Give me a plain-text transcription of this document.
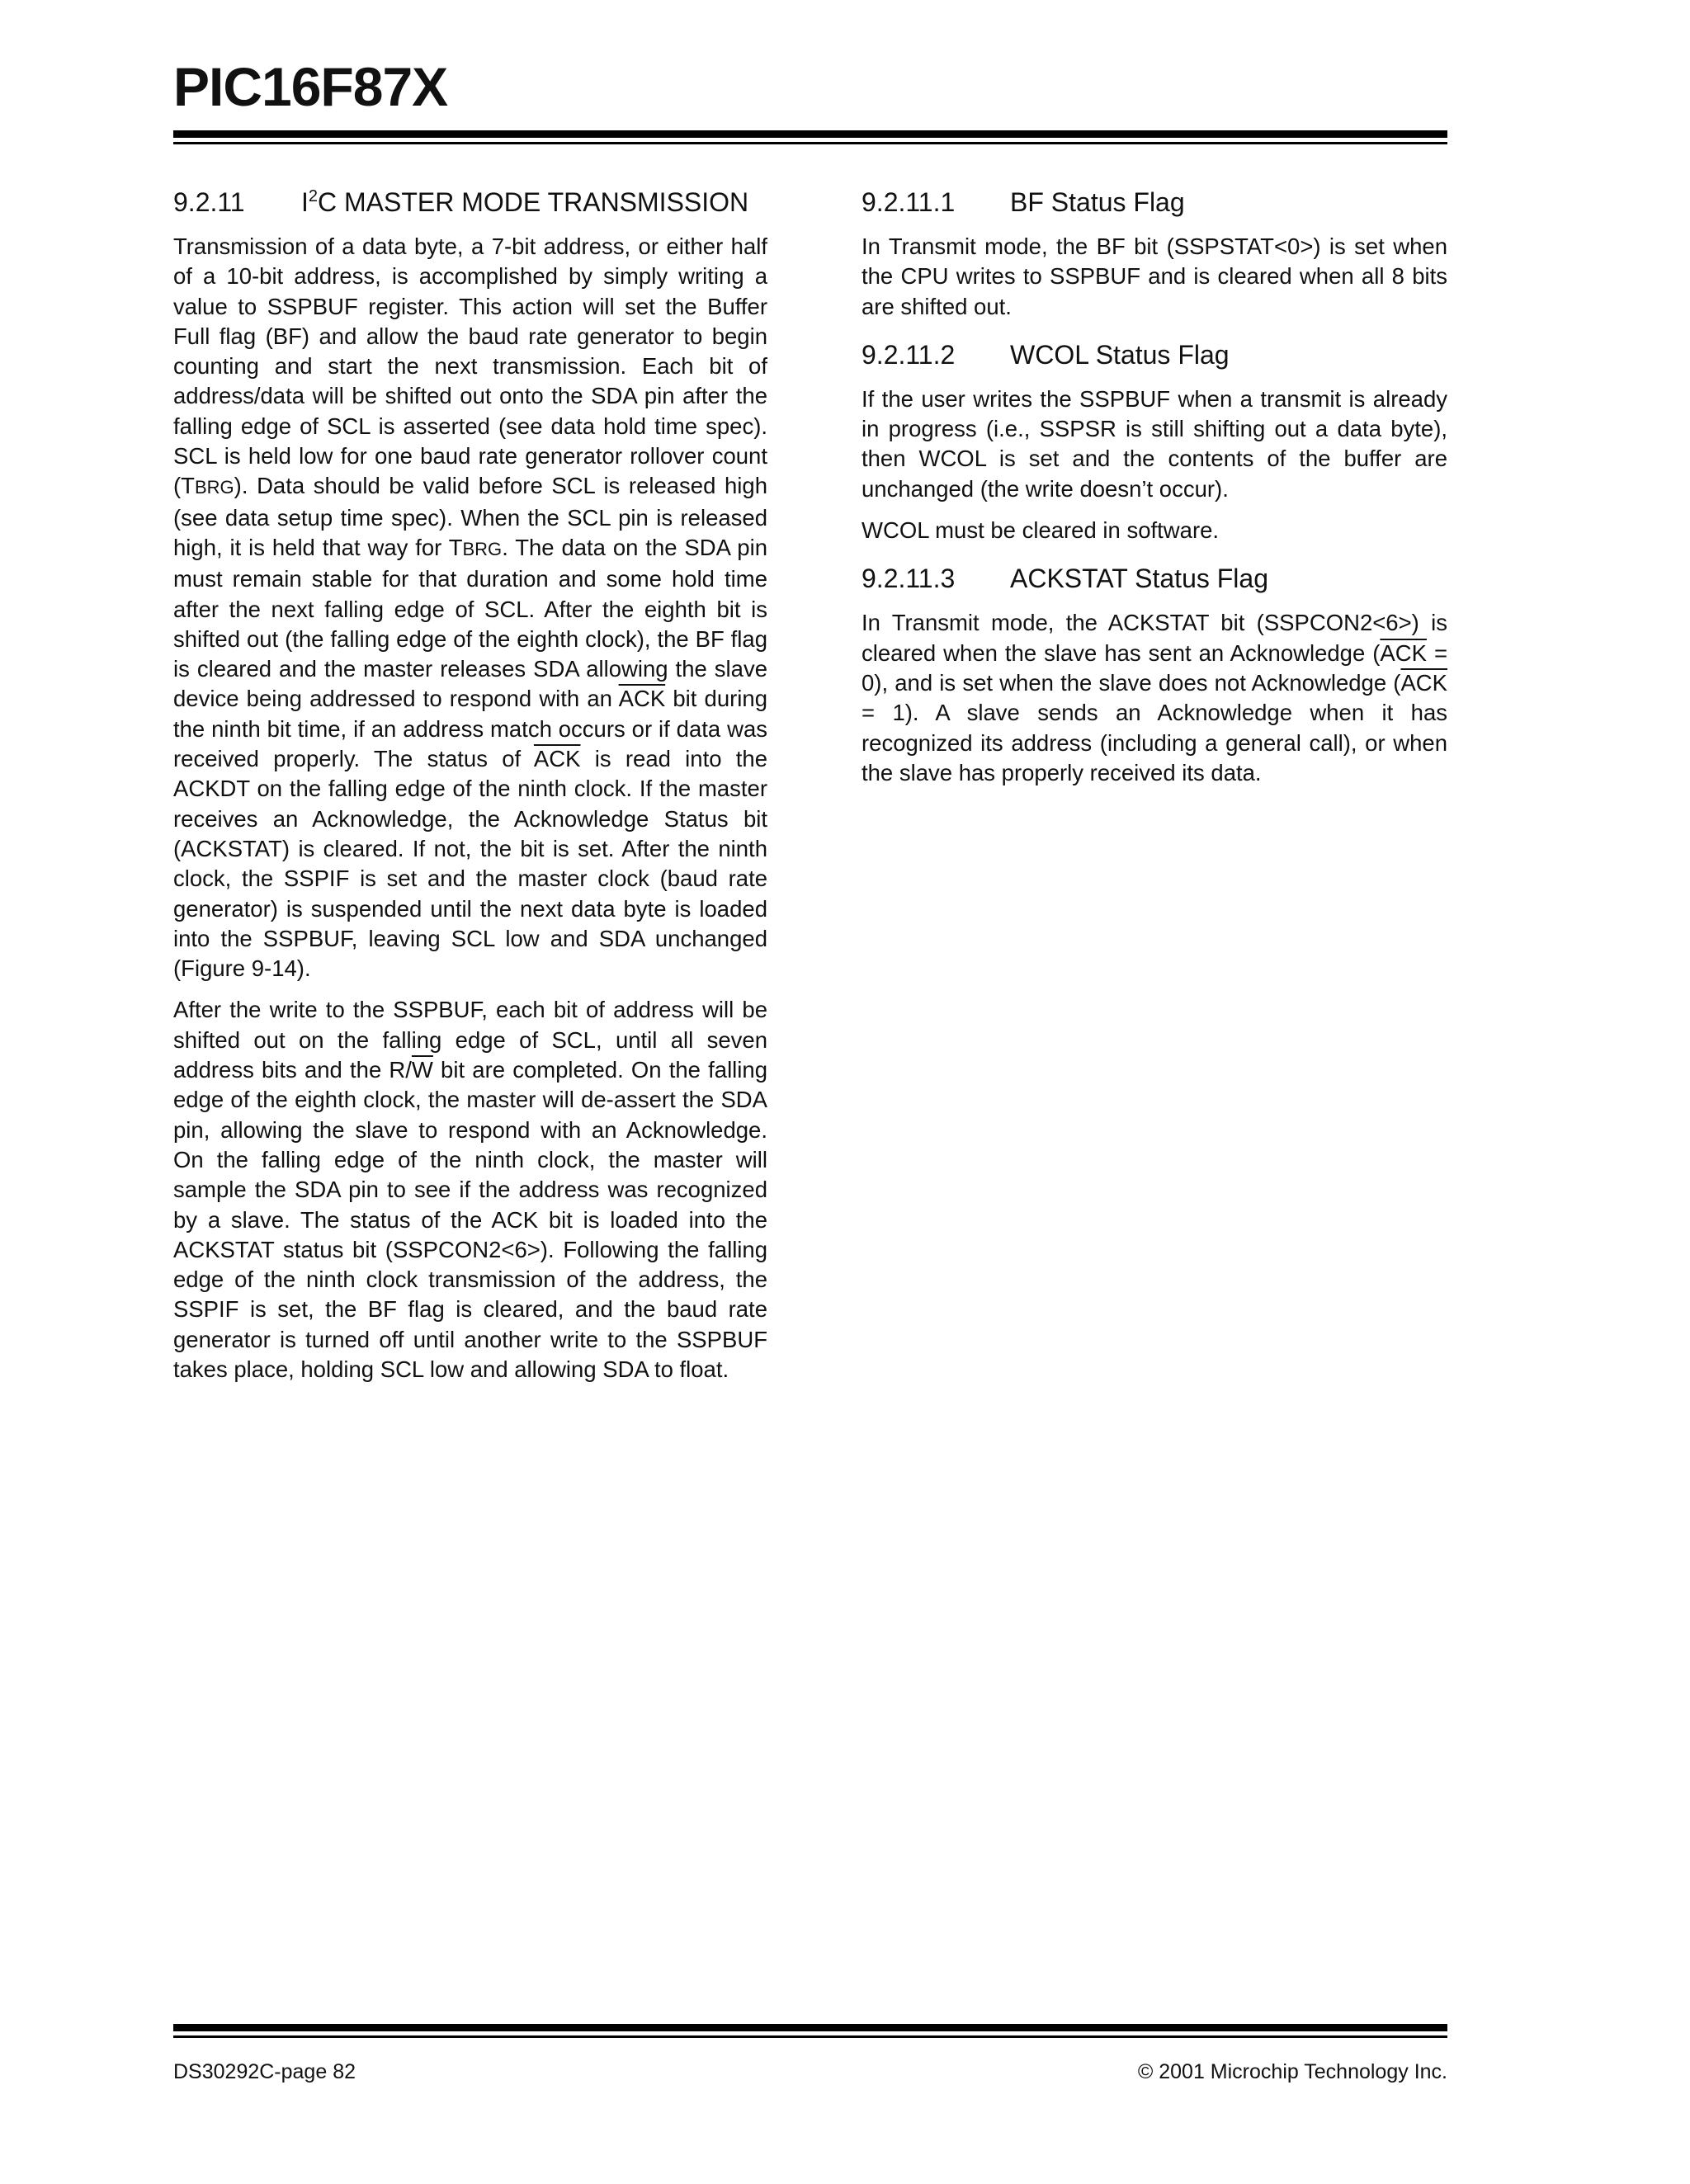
PIC16F87X
9.2.11	$I^2C$ MASTER MODE TRANSMISSION

Transmission of a data byte, a 7-bit address, or either half of a 10-bit address, is accomplished by simply writing a value to SSPBUF register. This action will set the Buffer Full flag (BF) and allow the baud rate generator to begin counting and start the next transmission. Each bit of address/data will be shifted out onto the SDA pin after the falling edge of SCL is asserted (see data hold time spec). SCL is held low for one baud rate generator rollover count (TBRG). Data should be valid before SCL is released high (see data setup time spec). When the SCL pin is released high, it is held that way for TBRG. The data on the SDA pin must remain stable for that duration and some hold time after the next falling edge of SCL. After the eighth bit is shifted out (the falling edge of the eighth clock), the BF flag is cleared and the master releases SDA allowing the slave device being addressed to respond with an $\overline{ACK}$ bit during the ninth bit time, if an address match occurs or if data was received properly. The status of $\overline{ACK}$ is read into the ACKDT on the falling edge of the ninth clock. If the master receives an Acknowledge, the Acknowledge Status bit (ACKSTAT) is cleared. If not, the bit is set. After the ninth clock, the SSPIF is set and the master clock (baud rate generator) is suspended until the next data byte is loaded into the SSPBUF, leaving SCL low and SDA unchanged (Figure 9-14).

After the write to the SSPBUF, each bit of address will be shifted out on the falling edge of SCL, until all seven address bits and the $R/\overline{W}$ bit are completed. On the falling edge of the eighth clock, the master will de-assert the SDA pin, allowing the slave to respond with an Acknowledge. On the falling edge of the ninth clock, the master will sample the SDA pin to see if the address was recognized by a slave. The status of the ACK bit is loaded into the ACKSTAT status bit (SSPCON2<6>). Following the falling edge of the ninth clock transmission of the address, the SSPIF is set, the BF flag is cleared, and the baud rate generator is turned off until another write to the SSPBUF takes place, holding SCL low and allowing SDA to float.

9.2.11.1	BF Status Flag

In Transmit mode, the BF bit (SSPSTAT<0>) is set when the CPU writes to SSPBUF and is cleared when all 8 bits are shifted out.

9.2.11.2	WCOL Status Flag

If the user writes the SSPBUF when a transmit is already in progress (i.e., SSPSR is still shifting out a data byte), then WCOL is set and the contents of the buffer are unchanged (the write doesn’t occur).

WCOL must be cleared in software.

9.2.11.3	ACKSTAT Status Flag

In Transmit mode, the ACKSTAT bit (SSPCON2<6>) is cleared when the slave has sent an Acknowledge $(\overline{ACK} = 0)$, and is set when the slave does not Acknowledge $(\overline{ACK} = 1)$. A slave sends an Acknowledge when it has recognized its address (including a general call), or when the slave has properly received its data.

DS30292C-page 82	© 2001 Microchip Technology Inc.
